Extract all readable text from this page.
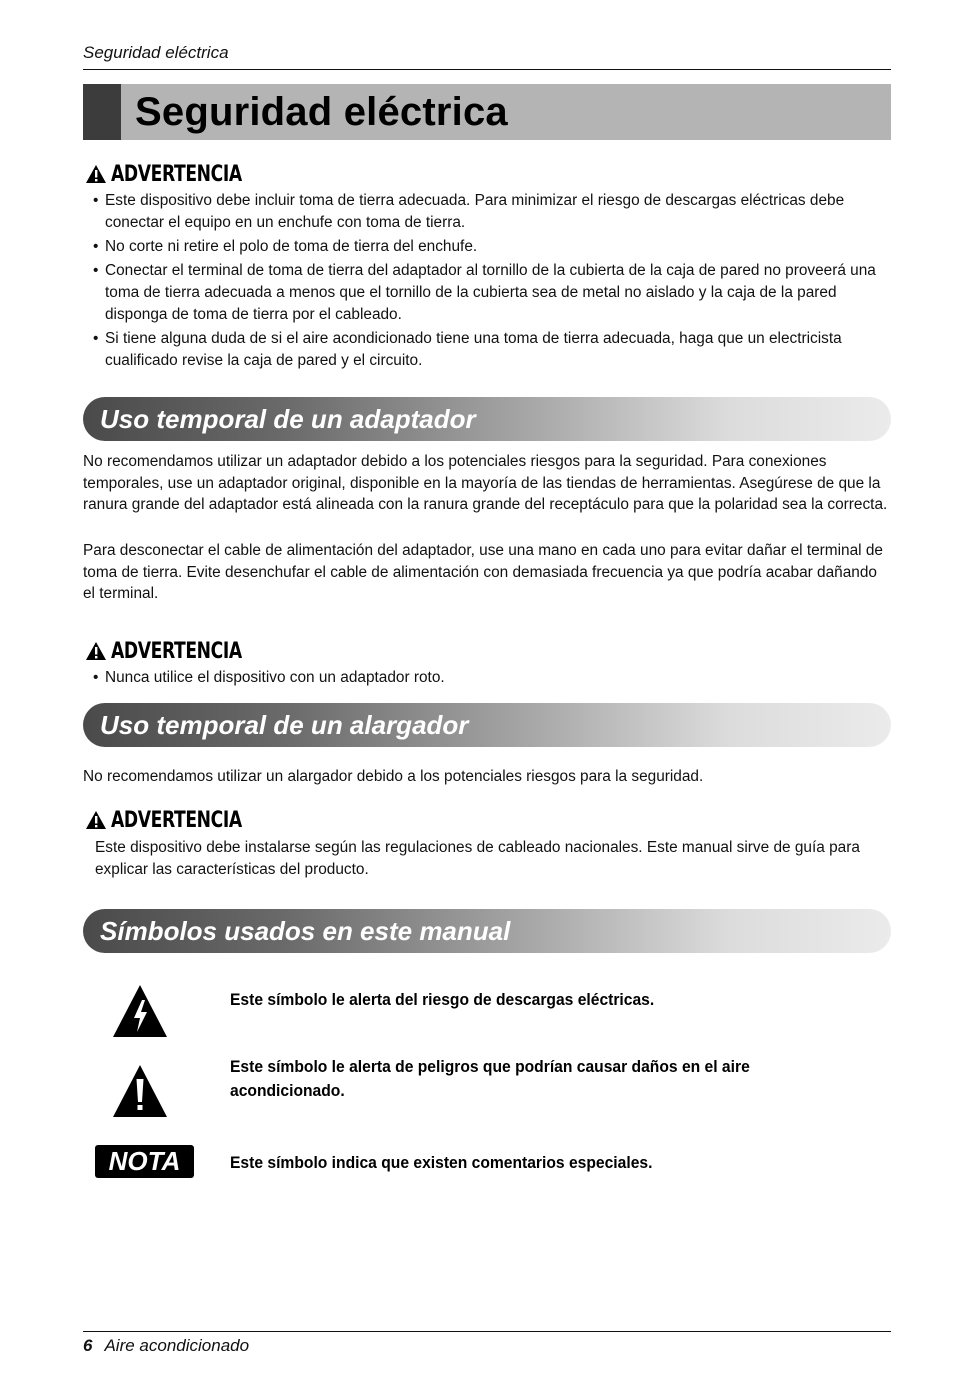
Seguridad eléctrica
Seguridad eléctrica
ADVERTENCIA
• Este dispositivo debe incluir toma de tierra adecuada. Para minimizar el riesgo de descargas eléctricas debe conectar el equipo en un enchufe con toma de tierra.
• No corte ni retire el polo de toma de tierra del enchufe.
• Conectar el terminal de toma de tierra del adaptador al tornillo de la cubierta de la caja de pared no proveerá una toma de tierra adecuada a menos que el tornillo de la cubierta sea de metal no aislado y la caja de la pared disponga de toma de tierra por el cableado.
• Si tiene alguna duda de si el aire acondicionado tiene una toma de tierra adecuada, haga que un electricista cualificado revise la caja de pared y el circuito.
Uso temporal de un adaptador

No recomendamos utilizar un adaptador debido a los potenciales riesgos para la seguridad. Para conexiones temporales, use un adaptador original, disponible en la mayoría de las tiendas de herramientas. Asegúrese de que la ranura grande del adaptador está alineada con la ranura grande del receptáculo para que la polaridad sea la correcta.

Para desconectar el cable de alimentación del adaptador, use una mano en cada uno para evitar dañar el terminal de toma de tierra. Evite desenchufar el cable de alimentación con demasiada frecuencia ya que podría acabar dañando el terminal.

ADVERTENCIA
• Nunca utilice el dispositivo con un adaptador roto.
Uso temporal de un alargador

No recomendamos utilizar un alargador debido a los potenciales riesgos para la seguridad.

ADVERTENCIA

Este dispositivo debe instalarse según las regulaciones de cableado nacionales. Este manual sirve de guía para explicar las características del producto.

Símbolos usados en este manual
Este símbolo le alerta del riesgo de descargas eléctricas.
Este símbolo le alerta de peligros que podrían causar daños en el aire acondicionado.
NOTA	Este símbolo indica que existen comentarios especiales.
6 Aire acondicionado
